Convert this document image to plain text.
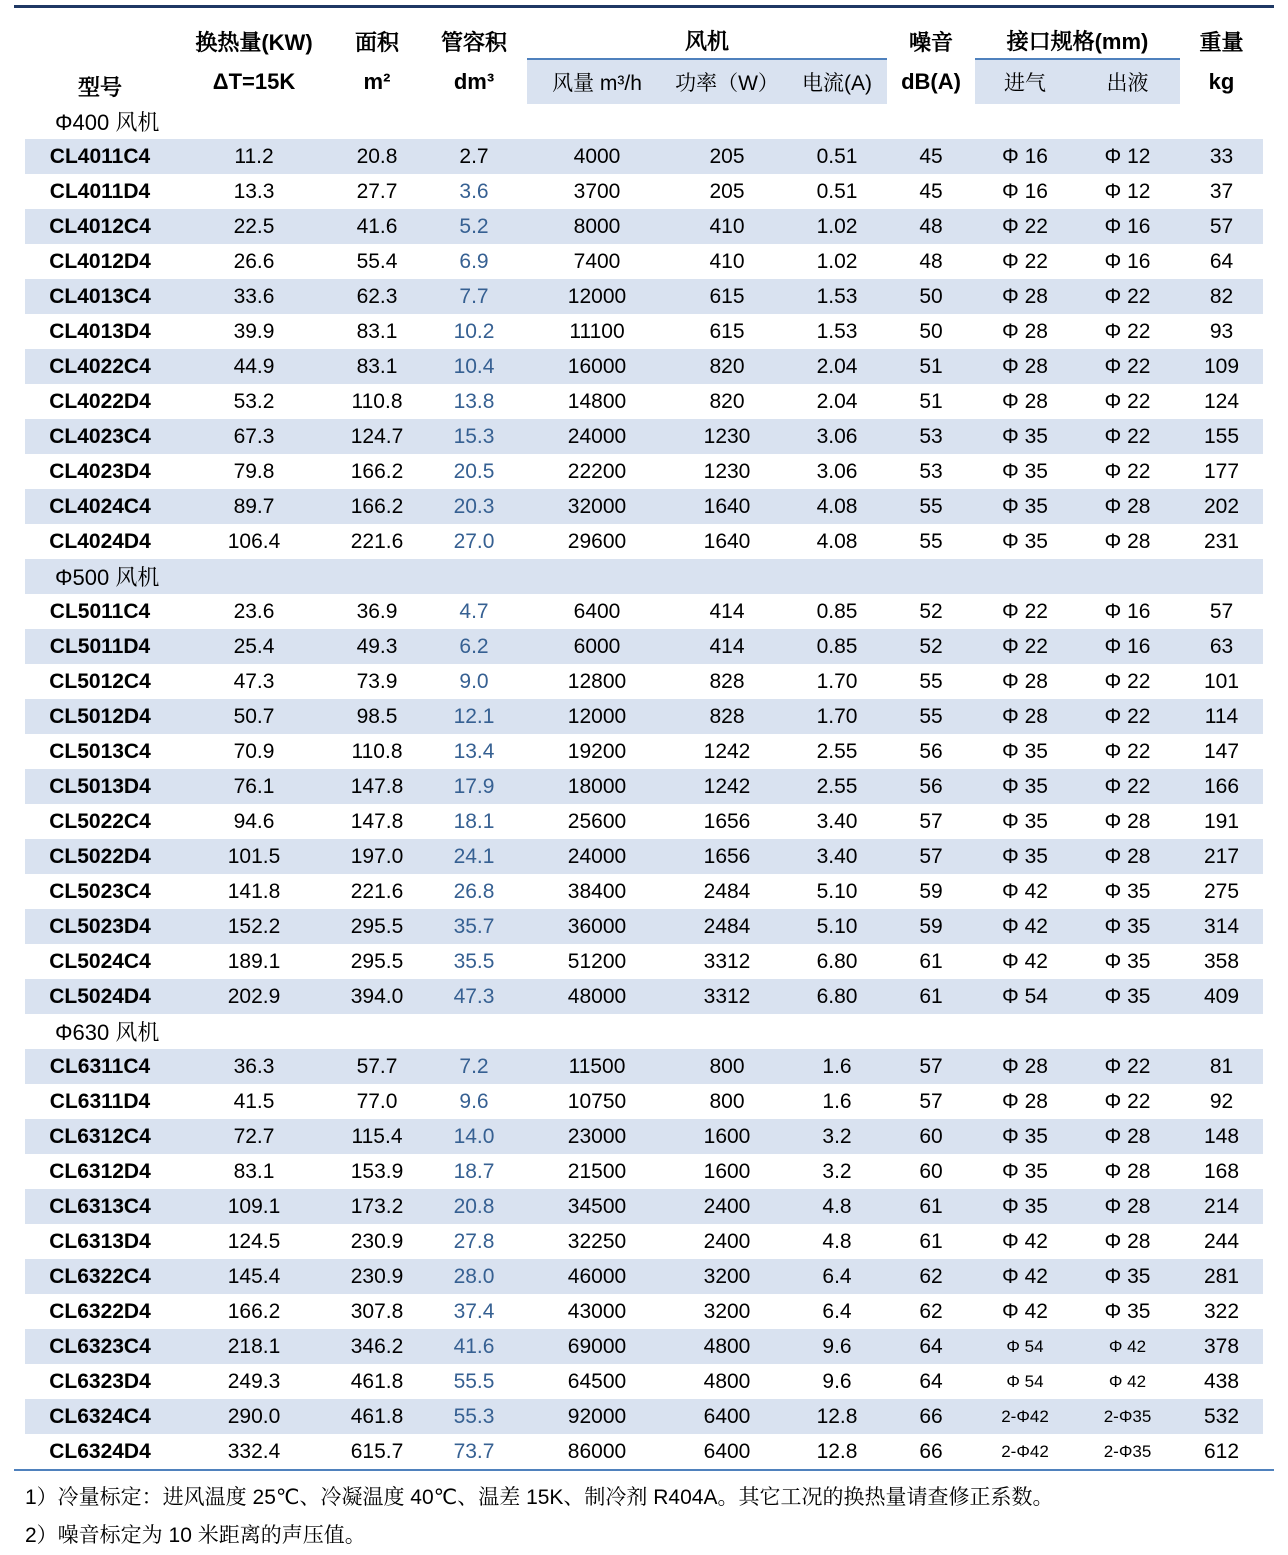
型号	换热量(KW)	面积	管容积	风机			噪音	接口规格(mm)		重量
	ΔT=15K	m²	dm³	风量 m³/h	功率（W）	电流(A)	dB(A)	进气	出液	kg
Φ400 风机										
CL4011C4	11.2	20.8	2.7	4000	205	0.51	45	Φ 16	Φ 12	33
CL4011D4	13.3	27.7	3.6	3700	205	0.51	45	Φ 16	Φ 12	37
CL4012C4	22.5	41.6	5.2	8000	410	1.02	48	Φ 22	Φ 16	57
CL4012D4	26.6	55.4	6.9	7400	410	1.02	48	Φ 22	Φ 16	64
CL4013C4	33.6	62.3	7.7	12000	615	1.53	50	Φ 28	Φ 22	82
CL4013D4	39.9	83.1	10.2	11100	615	1.53	50	Φ 28	Φ 22	93
CL4022C4	44.9	83.1	10.4	16000	820	2.04	51	Φ 28	Φ 22	109
CL4022D4	53.2	110.8	13.8	14800	820	2.04	51	Φ 28	Φ 22	124
CL4023C4	67.3	124.7	15.3	24000	1230	3.06	53	Φ 35	Φ 22	155
CL4023D4	79.8	166.2	20.5	22200	1230	3.06	53	Φ 35	Φ 22	177
CL4024C4	89.7	166.2	20.3	32000	1640	4.08	55	Φ 35	Φ 28	202
CL4024D4	106.4	221.6	27.0	29600	1640	4.08	55	Φ 35	Φ 28	231
Φ500 风机										
CL5011C4	23.6	36.9	4.7	6400	414	0.85	52	Φ 22	Φ 16	57
CL5011D4	25.4	49.3	6.2	6000	414	0.85	52	Φ 22	Φ 16	63
CL5012C4	47.3	73.9	9.0	12800	828	1.70	55	Φ 28	Φ 22	101
CL5012D4	50.7	98.5	12.1	12000	828	1.70	55	Φ 28	Φ 22	114
CL5013C4	70.9	110.8	13.4	19200	1242	2.55	56	Φ 35	Φ 22	147
CL5013D4	76.1	147.8	17.9	18000	1242	2.55	56	Φ 35	Φ 22	166
CL5022C4	94.6	147.8	18.1	25600	1656	3.40	57	Φ 35	Φ 28	191
CL5022D4	101.5	197.0	24.1	24000	1656	3.40	57	Φ 35	Φ 28	217
CL5023C4	141.8	221.6	26.8	38400	2484	5.10	59	Φ 42	Φ 35	275
CL5023D4	152.2	295.5	35.7	36000	2484	5.10	59	Φ 42	Φ 35	314
CL5024C4	189.1	295.5	35.5	51200	3312	6.80	61	Φ 42	Φ 35	358
CL5024D4	202.9	394.0	47.3	48000	3312	6.80	61	Φ 54	Φ 35	409
Φ630 风机										
CL6311C4	36.3	57.7	7.2	11500	800	1.6	57	Φ 28	Φ 22	81
CL6311D4	41.5	77.0	9.6	10750	800	1.6	57	Φ 28	Φ 22	92
CL6312C4	72.7	115.4	14.0	23000	1600	3.2	60	Φ 35	Φ 28	148
CL6312D4	83.1	153.9	18.7	21500	1600	3.2	60	Φ 35	Φ 28	168
CL6313C4	109.1	173.2	20.8	34500	2400	4.8	61	Φ 35	Φ 28	214
CL6313D4	124.5	230.9	27.8	32250	2400	4.8	61	Φ 42	Φ 28	244
CL6322C4	145.4	230.9	28.0	46000	3200	6.4	62	Φ 42	Φ 35	281
CL6322D4	166.2	307.8	37.4	43000	3200	6.4	62	Φ 42	Φ 35	322
CL6323C4	218.1	346.2	41.6	69000	4800	9.6	64	Φ 54	Φ 42	378
CL6323D4	249.3	461.8	55.5	64500	4800	9.6	64	Φ 54	Φ 42	438
CL6324C4	290.0	461.8	55.3	92000	6400	12.8	66	2-Φ42	2-Φ35	532
CL6324D4	332.4	615.7	73.7	86000	6400	12.8	66	2-Φ42	2-Φ35	612
1）冷量标定：进风温度 25℃、冷凝温度 40℃、温差 15K、制冷剂 R404A。其它工况的换热量请查修正系数。
2）噪音标定为 10 米距离的声压值。
